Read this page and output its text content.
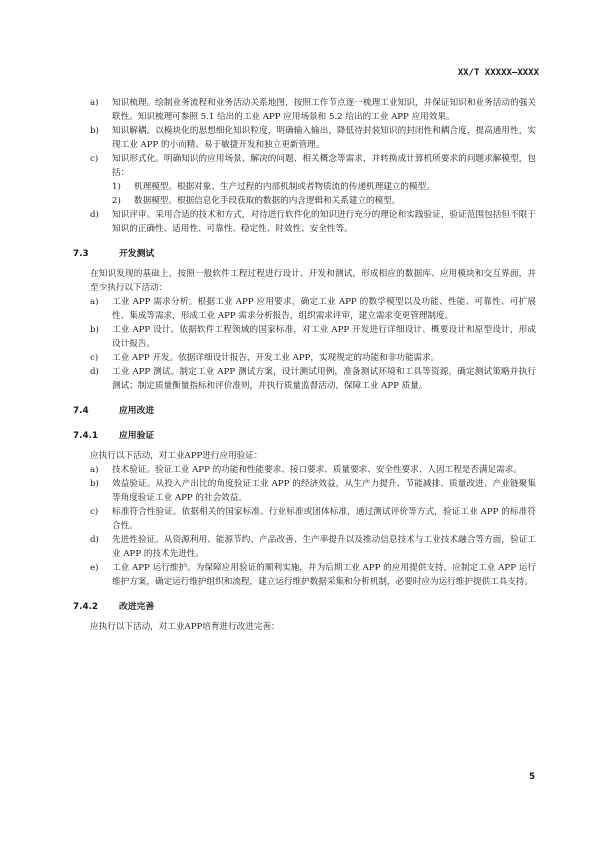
XX/T XXXXX—XXXX
a)	知识梳理。绘制业务流程和业务活动关系地图，按照工作节点逐一梳理工业知识，并保证知识和业务活动的强关联性。知识梳理可参照 5.1 给出的工业 APP 应用场景和 5.2 给出的工业 APP 应用效果。
b)	知识解耦。以模块化的思想细化知识粒度，明确输入输出，降低待封装知识的封闭性和耦合度，提高通用性，实现工业 APP 的小而精、易于敏捷开发和独立更新管理。
c)	知识形式化。明确知识的应用场景、解决的问题、相关概念等需求，并转换成计算机所要求的问题求解模型，包括：
1)	机理模型。根据对象、生产过程的内部机制或者物质流的传递机理建立的模型。
2)	数据模型。根据信息化手段获取的数据的内含逻辑和关系建立的模型。
d)	知识评审。采用合适的技术和方式，对待进行软件化的知识进行充分的理论和实践验证，验证范围包括但不限于知识的正确性、适用性、可靠性、稳定性、时效性、安全性等。
7.3	开发测试
在知识发现的基础上，按照一般软件工程过程进行设计、开发和测试，形成相应的数据库、应用模块和交互界面，并至少执行以下活动：
a)	工业 APP 需求分析。根据工业 APP 应用要求，确定工业 APP 的数学模型以及功能、性能、可靠性、可扩展性、集成等需求，形成工业 APP 需求分析报告，组织需求评审，建立需求变更管理制度。
b)	工业 APP 设计。依据软件工程领域的国家标准，对工业 APP 开发进行详细设计、概要设计和原型设计，形成设计报告。
c)	工业 APP 开发。依据详细设计报告，开发工业 APP，实现规定的功能和非功能需求。
d)	工业 APP 测试。制定工业 APP 测试方案，设计测试用例，准备测试环境和工具等资源，确定测试策略并执行测试；制定质量衡量指标和评价准则，并执行质量监督活动，保障工业 APP 质量。
7.4	应用改进
7.4.1	应用验证
应执行以下活动，对工业APP进行应用验证：
a)	技术验证。验证工业 APP 的功能和性能要求、接口要求、质量要求、安全性要求、人因工程是否满足需求。
b)	效益验证。从投入产出比的角度验证工业 APP 的经济效益，从生产力提升、节能减排、质量改进、产业链聚集等角度验证工业 APP 的社会效益。
c)	标准符合性验证。依据相关的国家标准、行业标准或团体标准，通过测试评价等方式，验证工业 APP 的标准符合性。
d)	先进性验证。从资源利用、能源节约、产品改善、生产率提升以及推动信息技术与工业技术融合等方面，验证工业 APP 的技术先进性。
e)	工业 APP 运行维护。为保障应用验证的顺利实施，并为后期工业 APP 的应用提供支持，应制定工业 APP 运行维护方案，确定运行维护组织和流程，建立运行维护数据采集和分析机制，必要时应为运行维护提供工具支持。
7.4.2	改进完善
应执行以下活动，对工业APP培育进行改进完善：
5
